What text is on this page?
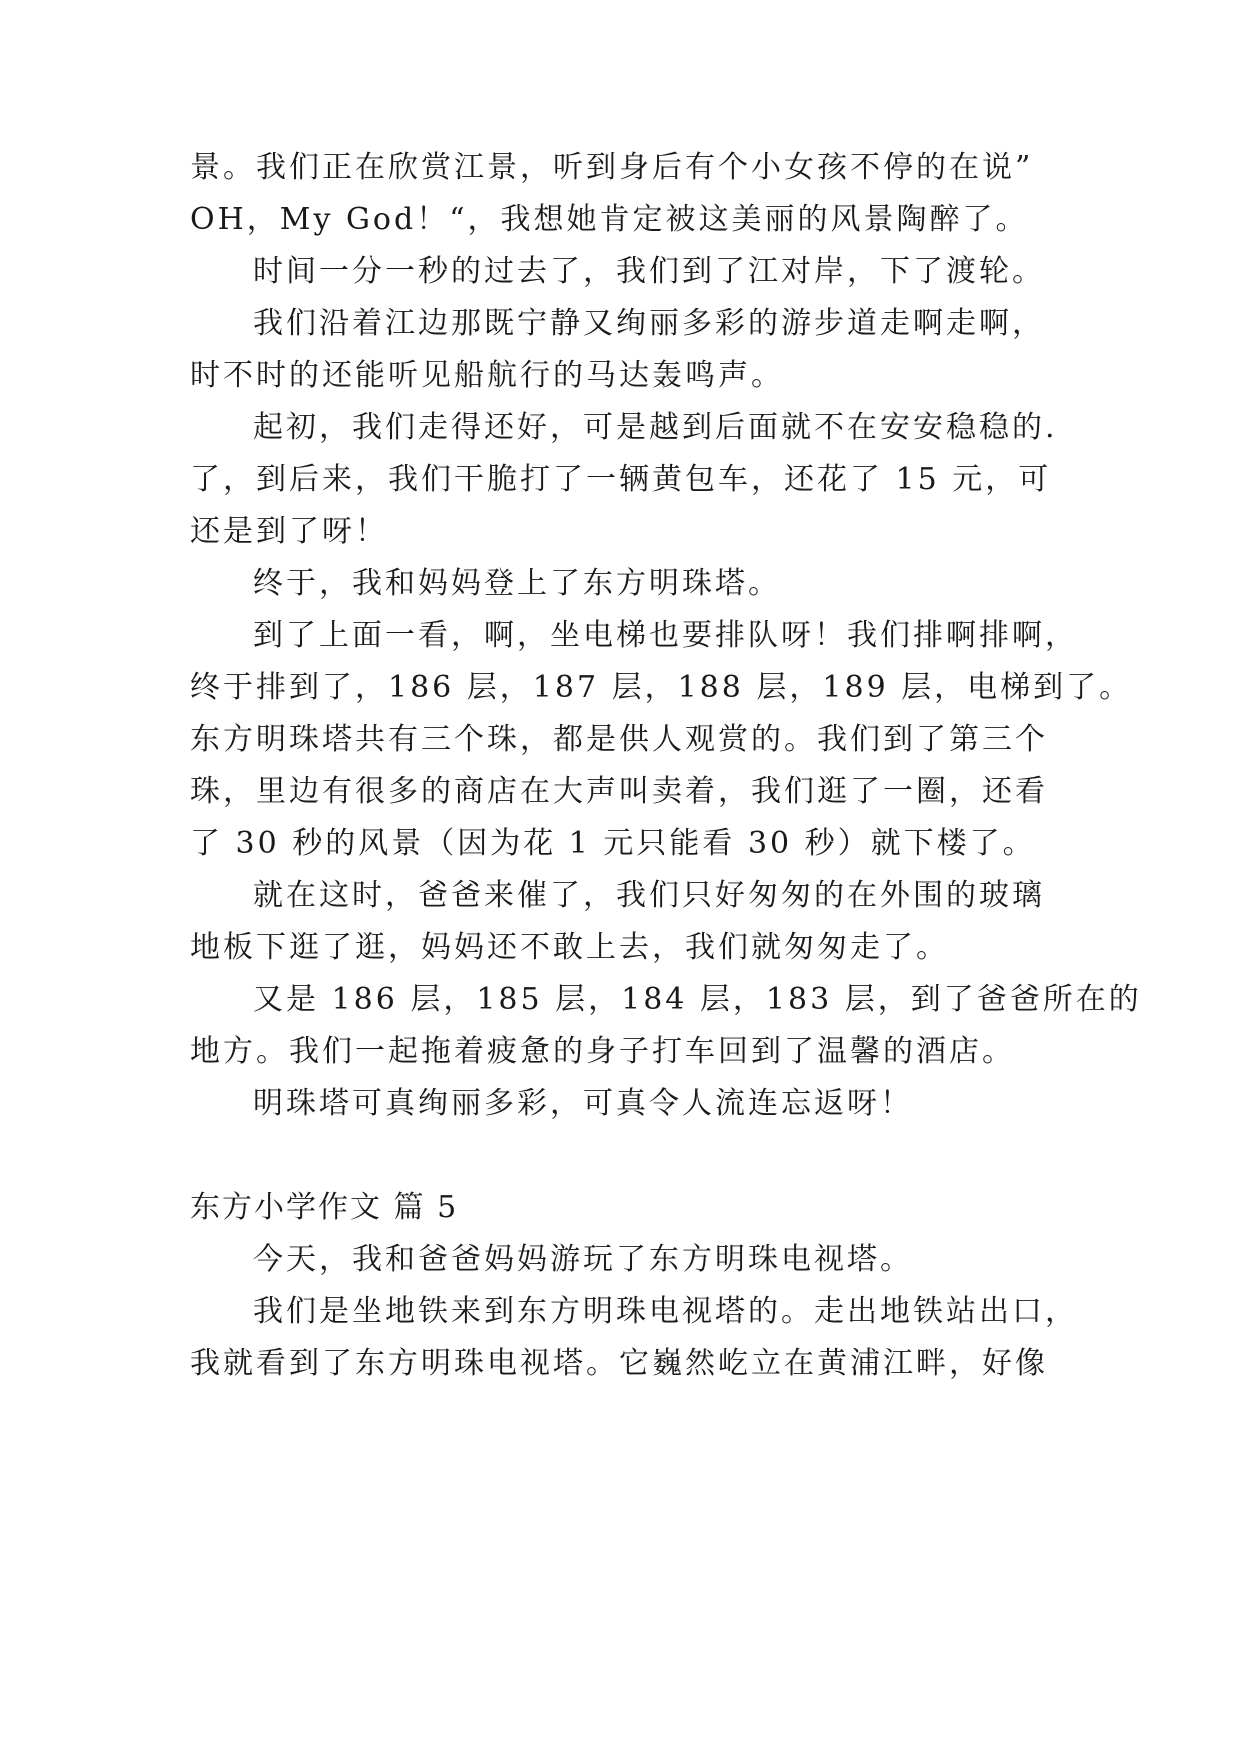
景。我们正在欣赏江景，听到身后有个小女孩不停的在说”
OH，My God！“，我想她肯定被这美丽的风景陶醉了。
时间一分一秒的过去了，我们到了江对岸，下了渡轮。
我们沿着江边那既宁静又绚丽多彩的游步道走啊走啊，
时不时的还能听见船航行的马达轰鸣声。
起初，我们走得还好，可是越到后面就不在安安稳稳的.
了，到后来，我们干脆打了一辆黄包车，还花了 15 元，可
还是到了呀！
终于，我和妈妈登上了东方明珠塔。
到了上面一看，啊，坐电梯也要排队呀！我们排啊排啊，
终于排到了，186 层，187 层，188 层，189 层，电梯到了。
东方明珠塔共有三个珠，都是供人观赏的。我们到了第三个
珠，里边有很多的商店在大声叫卖着，我们逛了一圈，还看
了 30 秒的风景（因为花 1 元只能看 30 秒）就下楼了。
就在这时，爸爸来催了，我们只好匆匆的在外围的玻璃
地板下逛了逛，妈妈还不敢上去，我们就匆匆走了。
又是 186 层，185 层，184 层，183 层，到了爸爸所在的
地方。我们一起拖着疲惫的身子打车回到了温馨的酒店。
明珠塔可真绚丽多彩，可真令人流连忘返呀！
东方小学作文 篇 5
今天，我和爸爸妈妈游玩了东方明珠电视塔。
我们是坐地铁来到东方明珠电视塔的。走出地铁站出口，
我就看到了东方明珠电视塔。它巍然屹立在黄浦江畔，好像
